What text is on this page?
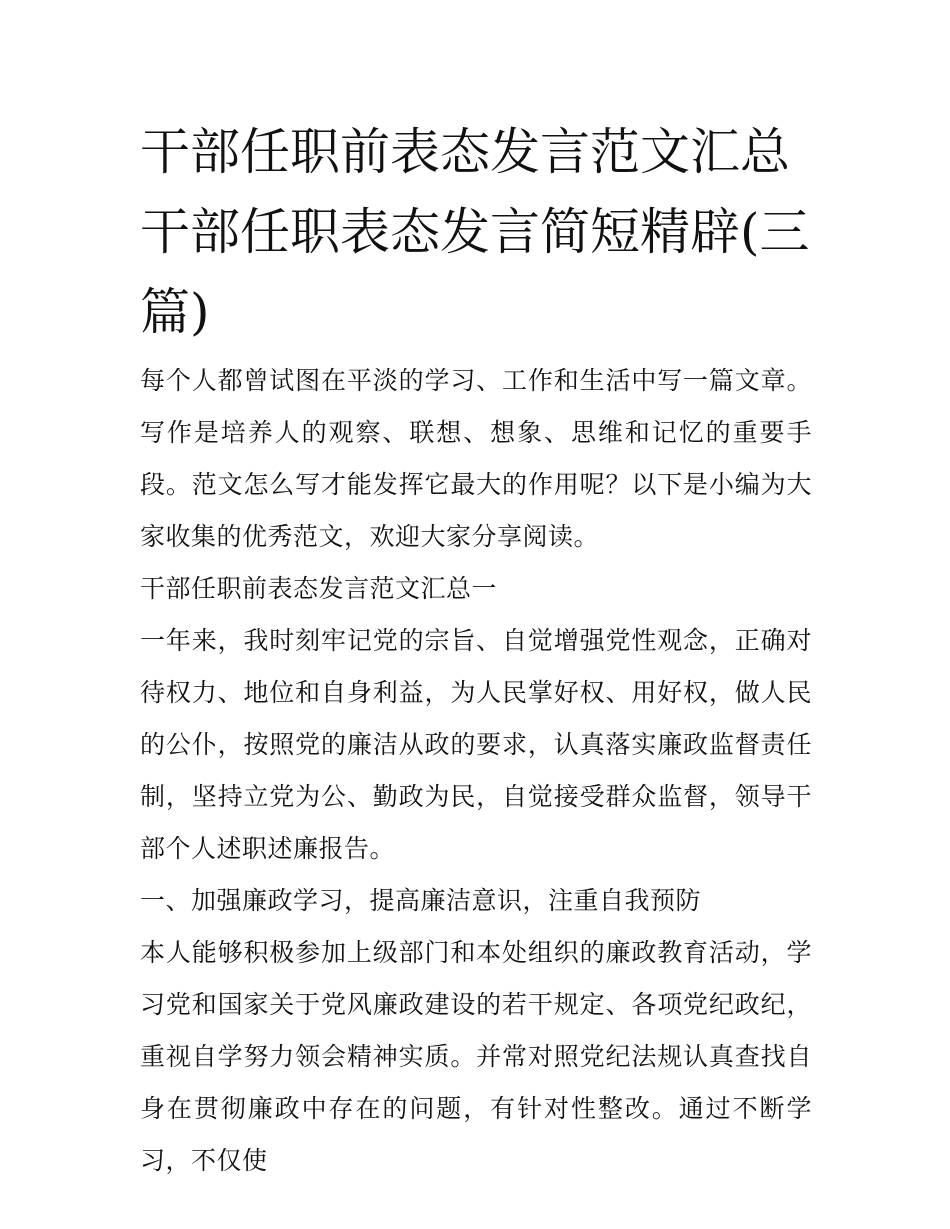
干部任职前表态发言范文汇总干部任职表态发言简短精辟(三篇)

每个人都曾试图在平淡的学习、工作和生活中写一篇文章。写作是培养人的观察、联想、想象、思维和记忆的重要手段。范文怎么写才能发挥它最大的作用呢？以下是小编为大家收集的优秀范文，欢迎大家分享阅读。

干部任职前表态发言范文汇总一

一年来，我时刻牢记党的宗旨、自觉增强党性观念，正确对待权力、地位和自身利益，为人民掌好权、用好权，做人民的公仆，按照党的廉洁从政的要求，认真落实廉政监督责任制，坚持立党为公、勤政为民，自觉接受群众监督，领导干部个人述职述廉报告。

一、加强廉政学习，提高廉洁意识，注重自我预防

本人能够积极参加上级部门和本处组织的廉政教育活动，学习党和国家关于党风廉政建设的若干规定、各项党纪政纪，重视自学努力领会精神实质。并常对照党纪法规认真查找自身在贯彻廉政中存在的问题，有针对性整改。通过不断学习，不仅使
